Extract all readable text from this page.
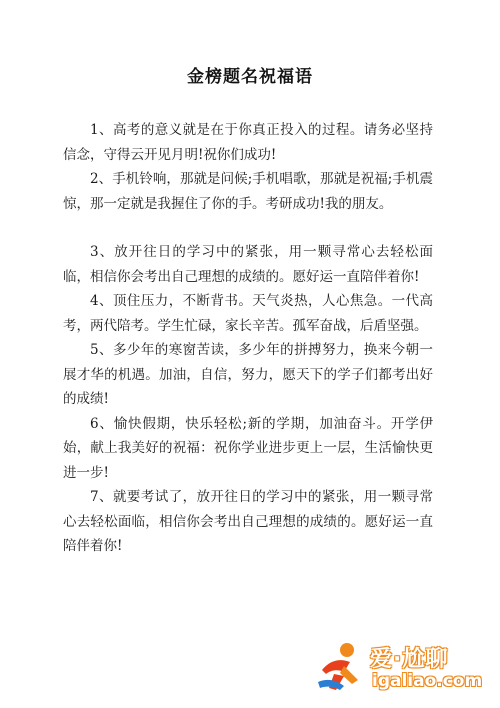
金榜题名祝福语

1、高考的意义就是在于你真正投入的过程。请务必坚持信念，守得云开见月明!祝你们成功!

2、手机铃响，那就是问候;手机唱歌，那就是祝福;手机震惊，那一定就是我握住了你的手。考研成功!我的朋友。

3、放开往日的学习中的紧张，用一颗寻常心去轻松面临，相信你会考出自己理想的成绩的。愿好运一直陪伴着你!

4、顶住压力，不断背书。天气炎热，人心焦急。一代高考，两代陪考。学生忙碌，家长辛苦。孤军奋战，后盾坚强。

5、多少年的寒窗苦读，多少年的拼搏努力，换来今朝一展才华的机遇。加油，自信，努力，愿天下的学子们都考出好的成绩!

6、愉快假期，快乐轻松;新的学期，加油奋斗。开学伊始，献上我美好的祝福：祝你学业进步更上一层，生活愉快更进一步!

7、就要考试了，放开往日的学习中的紧张，用一颗寻常心去轻松面临，相信你会考出自己理想的成绩的。愿好运一直陪伴着你!

爱·尬聊
igaliao.com
